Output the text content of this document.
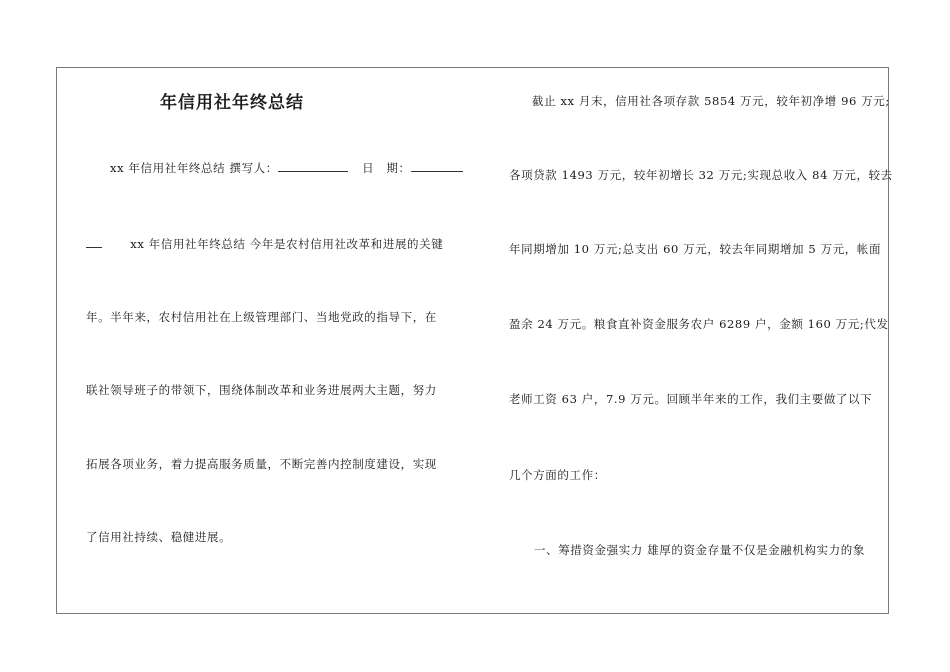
年信用社年终总结
xx 年信用社年终总结 撰写人：	日　期：
xx 年信用社年终总结 今年是农村信用社改革和进展的关键
年。半年来，农村信用社在上级管理部门、当地党政的指导下，在
联社领导班子的带领下，围绕体制改革和业务进展两大主题，努力
拓展各项业务，着力提高服务质量，不断完善内控制度建设，实现
了信用社持续、稳健进展。
截止 xx 月末，信用社各项存款 5854 万元，较年初净增 96 万元;
各项贷款 1493 万元，较年初增长 32 万元;实现总收入 84 万元，较去
年同期增加 10 万元;总支出 60 万元，较去年同期增加 5 万元，帐面
盈余 24 万元。粮食直补资金服务农户 6289 户，金额 160 万元;代发
老师工资 63 户，7.9 万元。回顾半年来的工作，我们主要做了以下
几个方面的工作：
一、筹措资金强实力 雄厚的资金存量不仅是金融机构实力的象
